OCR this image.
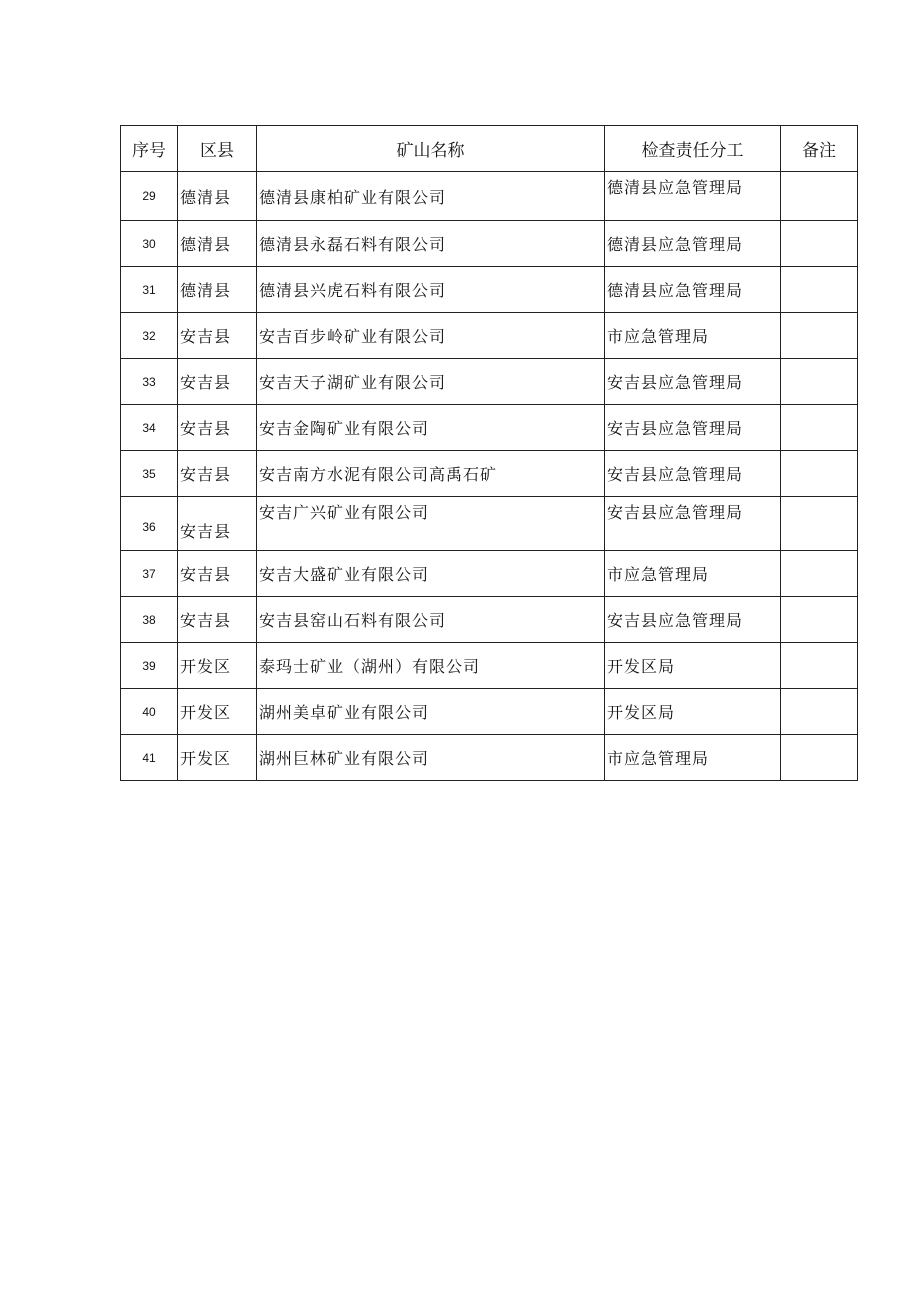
序号	区县	矿山名称	检查责任分工	备注
29	德清县	德清县康柏矿业有限公司	德清县应急管理局	
30	德清县	德清县永磊石料有限公司	德清县应急管理局	
31	德清县	德清县兴虎石料有限公司	德清县应急管理局	
32	安吉县	安吉百步岭矿业有限公司	市应急管理局	
33	安吉县	安吉天子湖矿业有限公司	安吉县应急管理局	
34	安吉县	安吉金陶矿业有限公司	安吉县应急管理局	
35	安吉县	安吉南方水泥有限公司高禹石矿	安吉县应急管理局	
36	安吉县	安吉广兴矿业有限公司	安吉县应急管理局	
37	安吉县	安吉大盛矿业有限公司	市应急管理局	
38	安吉县	安吉县窑山石料有限公司	安吉县应急管理局	
39	开发区	泰玛士矿业（湖州）有限公司	开发区局	
40	开发区	湖州美卓矿业有限公司	开发区局	
41	开发区	湖州巨林矿业有限公司	市应急管理局	
